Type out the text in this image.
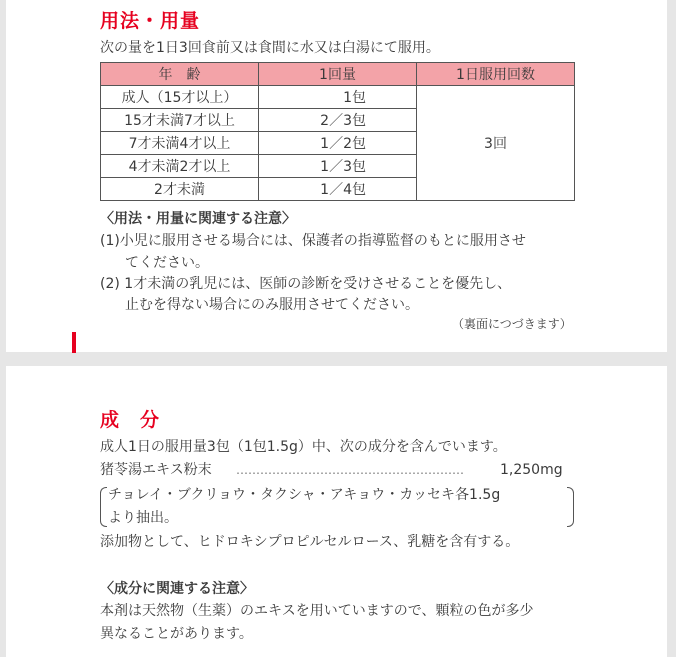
用法・用量
次の量を1日3回食前又は食間に水又は白湯にて服用。
年　齢	1回量	1日服用回数
成人（15才以上）	1包	3回
15才未満7才以上	2／3包	
7才未満4才以上	1／2包	
4才未満2才以上	1／3包	
2才未満	1／4包	
〈用法・用量に関連する注意〉
(1)小児に服用させる場合には、保護者の指導監督のもとに服用させ
てください。
(2) 1才未満の乳児には、医師の診断を受けさせることを優先し、
止むを得ない場合にのみ服用させてください。
（裏面につづきます）
成　分
成人1日の服用量3包（1包1.5g）中、次の成分を含んでいます。
猪苓湯エキス粉末 …………………………………………………	1,250mg
チョレイ・ブクリョウ・タクシャ・アキョウ・カッセキ各1.5g
より抽出。
添加物として、ヒドロキシプロピルセルロース、乳糖を含有する。
〈成分に関連する注意〉
本剤は天然物（生薬）のエキスを用いていますので、顆粒の色が多少
異なることがあります。
